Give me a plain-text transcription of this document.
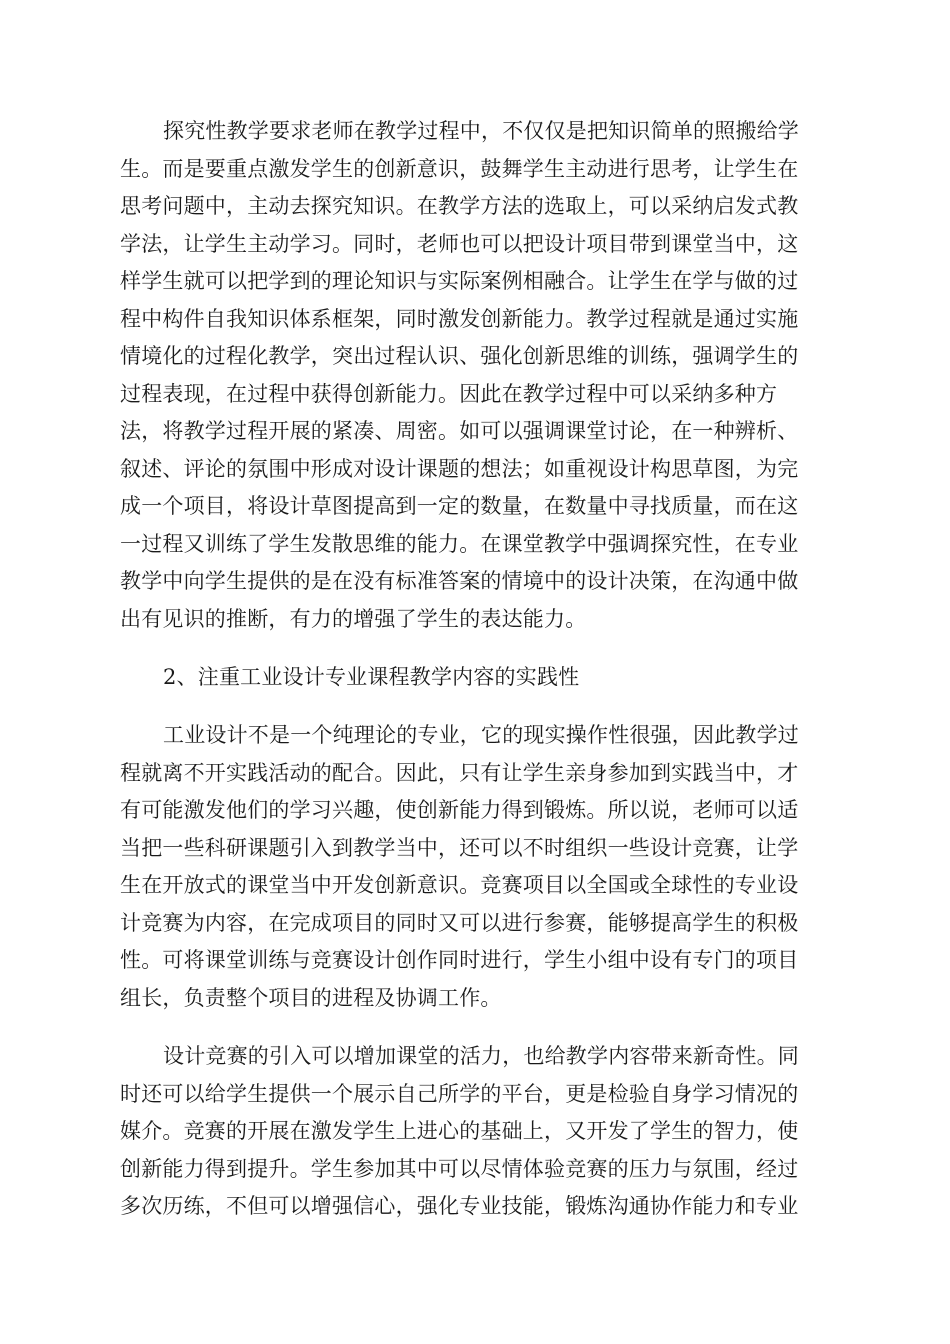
探究性教学要求老师在教学过程中，不仅仅是把知识简单的照搬给学

生。而是要重点激发学生的创新意识，鼓舞学生主动进行思考，让学生在

思考问题中，主动去探究知识。在教学方法的选取上，可以采纳启发式教

学法，让学生主动学习。同时，老师也可以把设计项目带到课堂当中，这

样学生就可以把学到的理论知识与实际案例相融合。让学生在学与做的过

程中构件自我知识体系框架，同时激发创新能力。教学过程就是通过实施

情境化的过程化教学，突出过程认识、强化创新思维的训练，强调学生的

过程表现，在过程中获得创新能力。因此在教学过程中可以采纳多种方

法，将教学过程开展的紧凑、周密。如可以强调课堂讨论，在一种辨析、

叙述、评论的氛围中形成对设计课题的想法；如重视设计构思草图，为完

成一个项目，将设计草图提高到一定的数量，在数量中寻找质量，而在这

一过程又训练了学生发散思维的能力。在课堂教学中强调探究性，在专业

教学中向学生提供的是在没有标准答案的情境中的设计决策，在沟通中做

出有见识的推断，有力的增强了学生的表达能力。

2、注重工业设计专业课程教学内容的实践性

工业设计不是一个纯理论的专业，它的现实操作性很强，因此教学过

程就离不开实践活动的配合。因此，只有让学生亲身参加到实践当中，才

有可能激发他们的学习兴趣，使创新能力得到锻炼。所以说，老师可以适

当把一些科研课题引入到教学当中，还可以不时组织一些设计竞赛，让学

生在开放式的课堂当中开发创新意识。竞赛项目以全国或全球性的专业设

计竞赛为内容，在完成项目的同时又可以进行参赛，能够提高学生的积极

性。可将课堂训练与竞赛设计创作同时进行，学生小组中设有专门的项目

组长，负责整个项目的进程及协调工作。

设计竞赛的引入可以增加课堂的活力，也给教学内容带来新奇性。同

时还可以给学生提供一个展示自己所学的平台，更是检验自身学习情况的

媒介。竞赛的开展在激发学生上进心的基础上，又开发了学生的智力，使

创新能力得到提升。学生参加其中可以尽情体验竞赛的压力与氛围，经过

多次历练，不但可以增强信心，强化专业技能，锻炼沟通协作能力和专业
